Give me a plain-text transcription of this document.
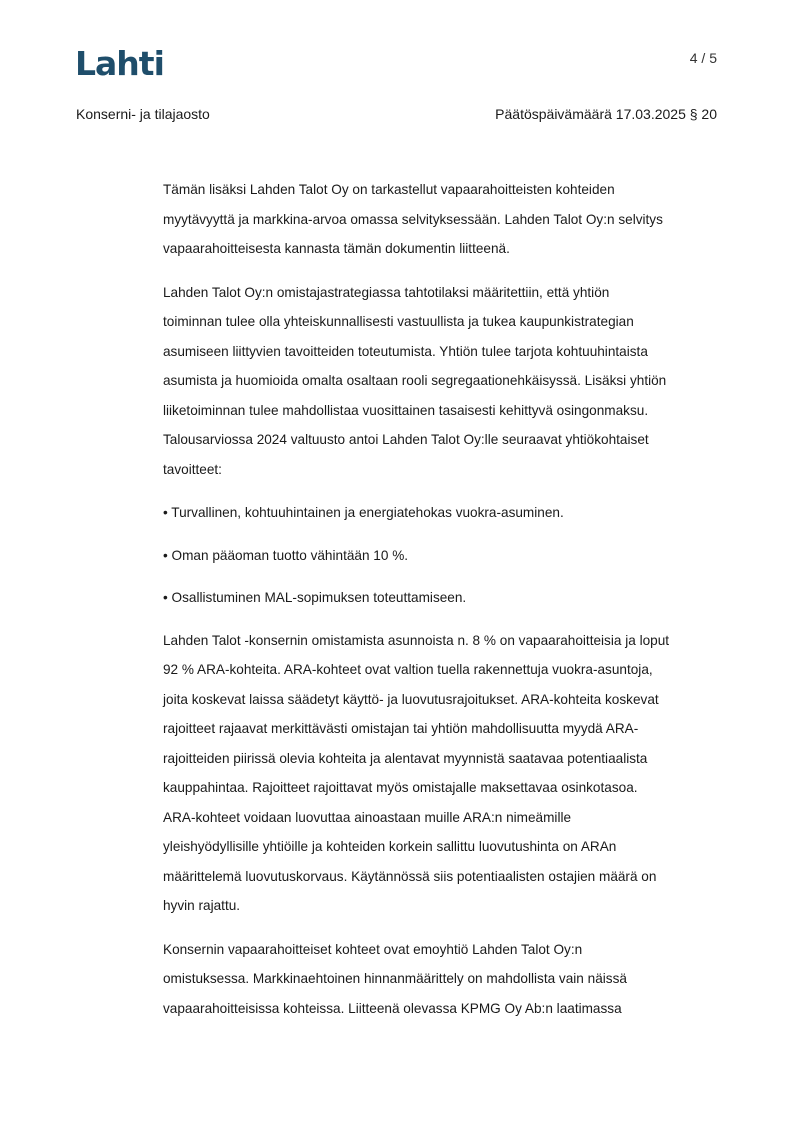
Lahti	4 / 5
Konserni- ja tilajaosto	Päätöspäivämäärä 17.03.2025 § 20

Tämän lisäksi Lahden Talot Oy on tarkastellut vapaarahoitteisten kohteiden
myytävyyttä ja markkina-arvoa omassa selvityksessään. Lahden Talot Oy:n selvitys
vapaarahoitteisesta kannasta tämän dokumentin liitteenä.

Lahden Talot Oy:n omistajastrategiassa tahtotilaksi määritettiin, että yhtiön
toiminnan tulee olla yhteiskunnallisesti vastuullista ja tukea kaupunkistrategian
asumiseen liittyvien tavoitteiden toteutumista. Yhtiön tulee tarjota kohtuuhintaista
asumista ja huomioida omalta osaltaan rooli segregaationehkäisyssä. Lisäksi yhtiön
liiketoiminnan tulee mahdollistaa vuosittainen tasaisesti kehittyvä osingonmaksu.
Talousarviossa 2024 valtuusto antoi Lahden Talot Oy:lle seuraavat yhtiökohtaiset
tavoitteet:

• Turvallinen, kohtuuhintainen ja energiatehokas vuokra-asuminen.

• Oman pääoman tuotto vähintään 10 %.

• Osallistuminen MAL-sopimuksen toteuttamiseen.

Lahden Talot -konsernin omistamista asunnoista n. 8 % on vapaarahoitteisia ja loput
92 % ARA-kohteita. ARA-kohteet ovat valtion tuella rakennettuja vuokra-asuntoja,
joita koskevat laissa säädetyt käyttö- ja luovutusrajoitukset. ARA-kohteita koskevat
rajoitteet rajaavat merkittävästi omistajan tai yhtiön mahdollisuutta myydä ARA-
rajoitteiden piirissä olevia kohteita ja alentavat myynnistä saatavaa potentiaalista
kauppahintaa. Rajoitteet rajoittavat myös omistajalle maksettavaa osinkotasoa.
ARA-kohteet voidaan luovuttaa ainoastaan muille ARA:n nimeämille
yleishyödyllisille yhtiöille ja kohteiden korkein sallittu luovutushinta on ARAn
määrittelemä luovutuskorvaus. Käytännössä siis potentiaalisten ostajien määrä on
hyvin rajattu.

Konsernin vapaarahoitteiset kohteet ovat emoyhtiö Lahden Talot Oy:n
omistuksessa. Markkinaehtoinen hinnanmäärittely on mahdollista vain näissä
vapaarahoitteisissa kohteissa. Liitteenä olevassa KPMG Oy Ab:n laatimassa
